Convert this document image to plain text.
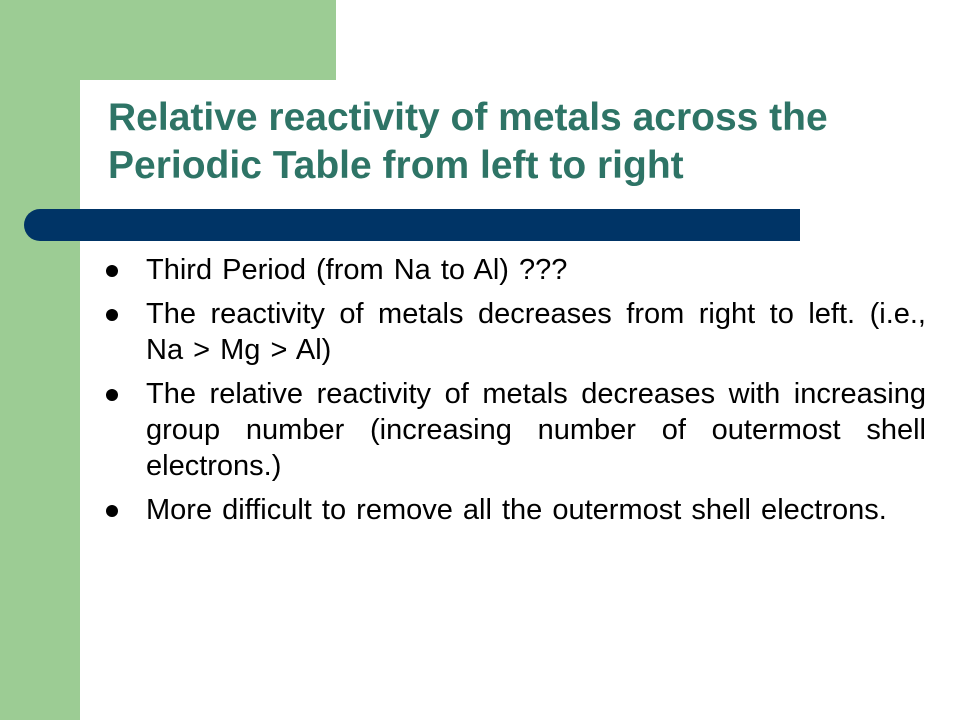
Relative reactivity of metals across the Periodic Table from left to right
Third Period (from Na to Al) ???
The reactivity of metals decreases from right to left. (i.e., Na > Mg > Al)
The relative reactivity of metals decreases with increasing group number (increasing number of outermost shell electrons.)
More difficult to remove all the outermost shell electrons.
